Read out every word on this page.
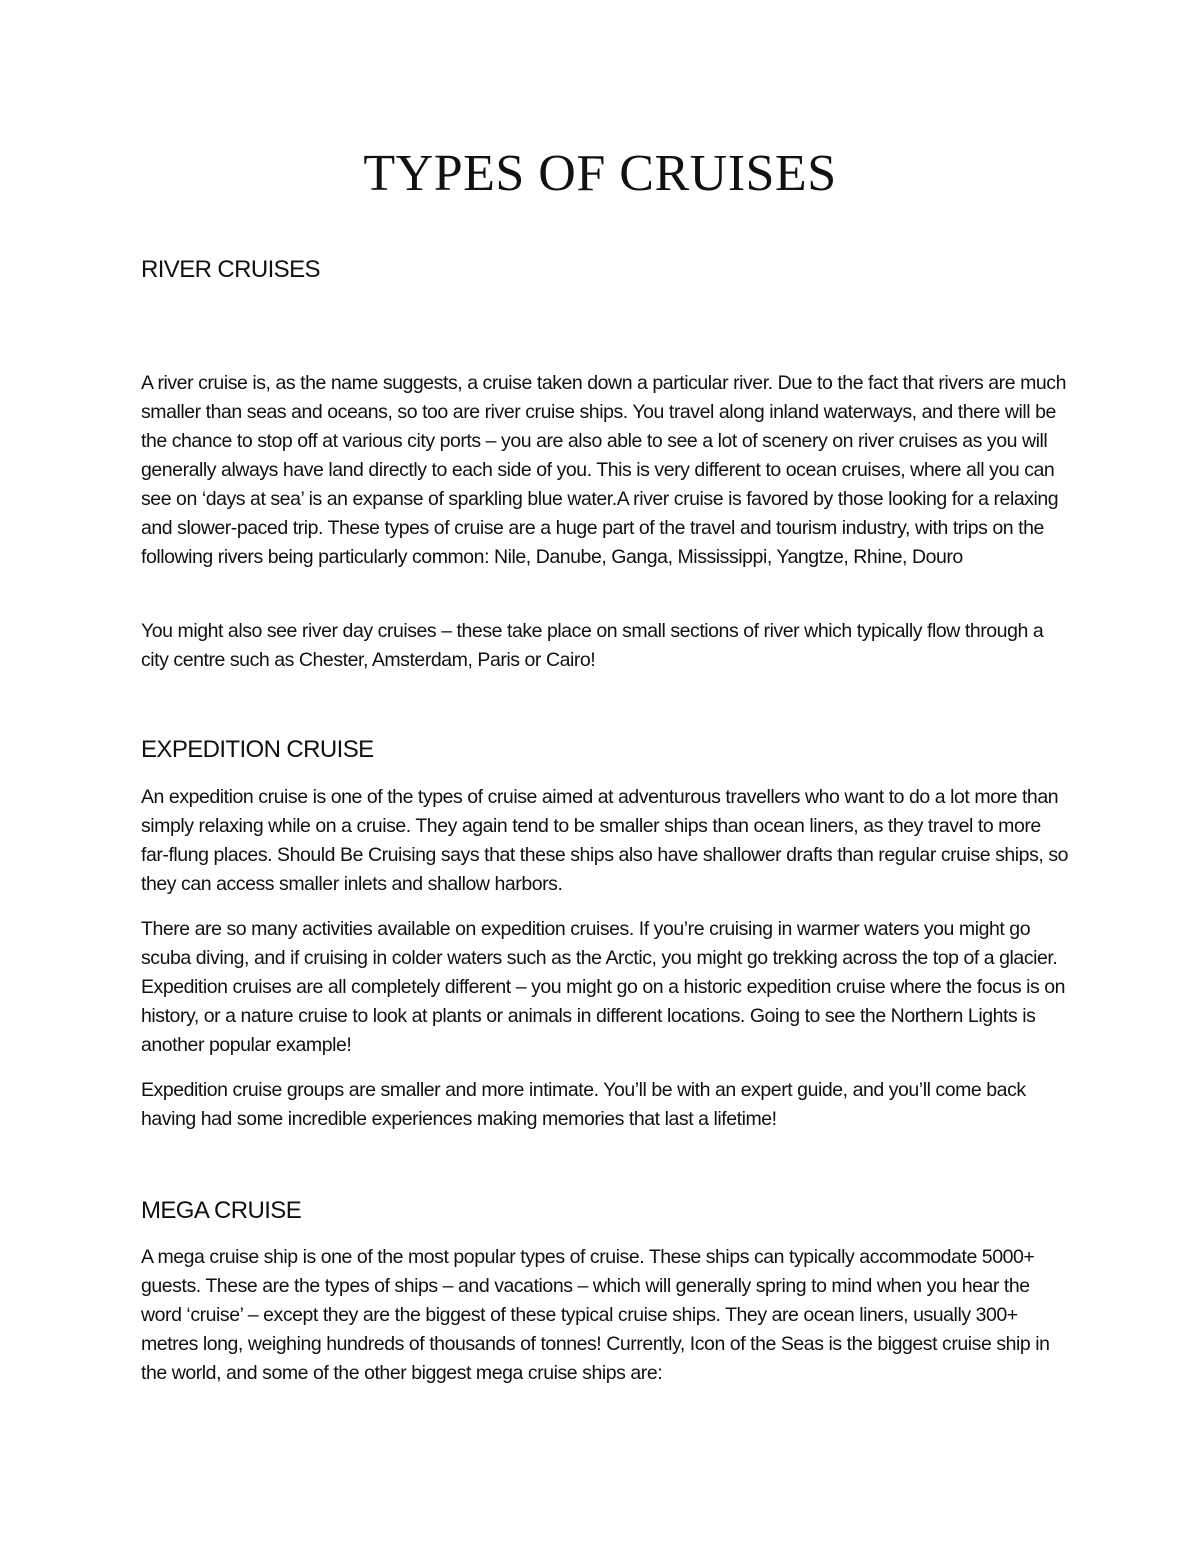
TYPES OF CRUISES
RIVER CRUISES

A river cruise is, as the name suggests, a cruise taken down a particular river. Due to the fact that rivers are much smaller than seas and oceans, so too are river cruise ships. You travel along inland waterways, and there will be the chance to stop off at various city ports – you are also able to see a lot of scenery on river cruises as you will generally always have land directly to each side of you. This is very different to ocean cruises, where all you can see on ‘days at sea’ is an expanse of sparkling blue water.A river cruise is favored by those looking for a relaxing and slower-paced trip. These types of cruise are a huge part of the travel and tourism industry, with trips on the following rivers being particularly common: Nile, Danube, Ganga, Mississippi, Yangtze, Rhine, Douro

You might also see river day cruises – these take place on small sections of river which typically flow through a city centre such as Chester, Amsterdam, Paris or Cairo!

EXPEDITION CRUISE

An expedition cruise is one of the types of cruise aimed at adventurous travellers who want to do a lot more than simply relaxing while on a cruise. They again tend to be smaller ships than ocean liners, as they travel to more far-flung places. Should Be Cruising says that these ships also have shallower drafts than regular cruise ships, so they can access smaller inlets and shallow harbors.

There are so many activities available on expedition cruises. If you’re cruising in warmer waters you might go scuba diving, and if cruising in colder waters such as the Arctic, you might go trekking across the top of a glacier. Expedition cruises are all completely different – you might go on a historic expedition cruise where the focus is on history, or a nature cruise to look at plants or animals in different locations. Going to see the Northern Lights is another popular example!

Expedition cruise groups are smaller and more intimate. You’ll be with an expert guide, and you’ll come back having had some incredible experiences making memories that last a lifetime!

MEGA CRUISE

A mega cruise ship is one of the most popular types of cruise. These ships can typically accommodate 5000+ guests. These are the types of ships – and vacations – which will generally spring to mind when you hear the word ‘cruise’ – except they are the biggest of these typical cruise ships. They are ocean liners, usually 300+ metres long, weighing hundreds of thousands of tonnes! Currently, Icon of the Seas is the biggest cruise ship in the world, and some of the other biggest mega cruise ships are:
